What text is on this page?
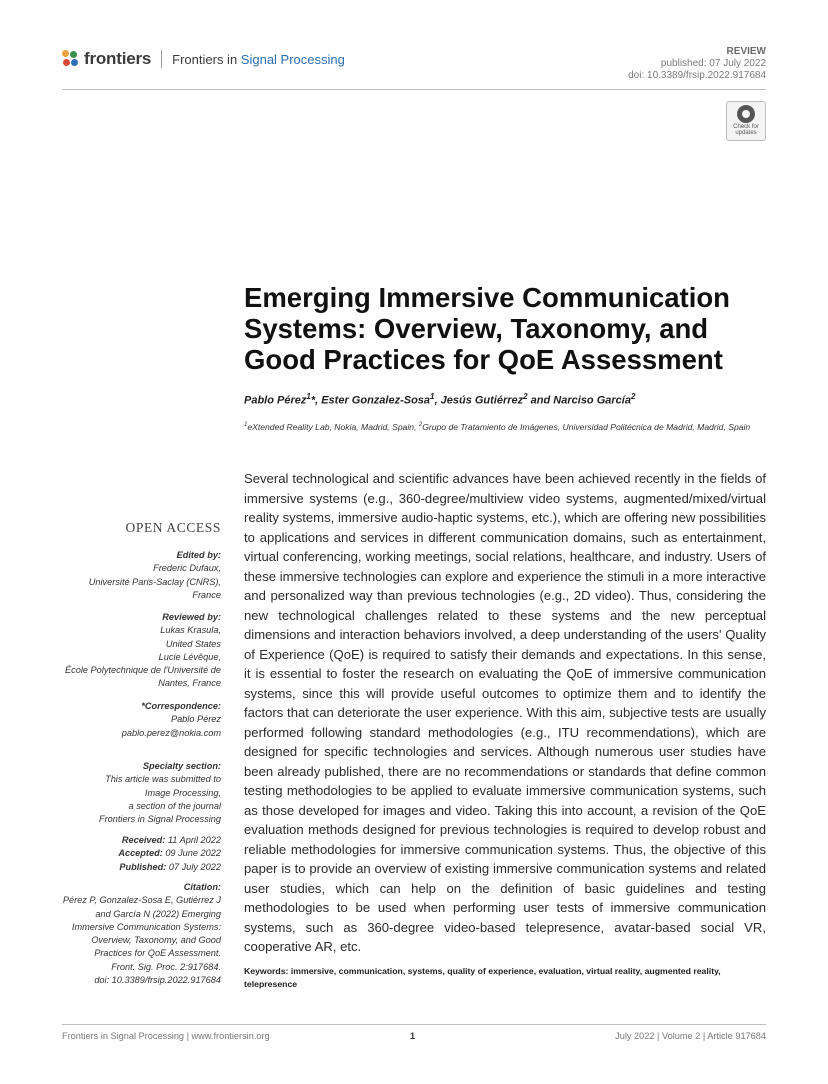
frontiers Frontiers in Signal Processing	REVIEW
published: 07 July 2022
doi: 10.3389/frsip.2022.917684
Check for
updates
Emerging Immersive Communication
Systems: Overview, Taxonomy, and
Good Practices for QoE Assessment
Pablo Pérez$^1$*, Ester Gonzalez-Sosa$^1$, Jesús Gutiérrez$^2$ and Narciso García$^2$
$^1$eXtended Reality Lab, Nokia, Madrid, Spain, $^2$Grupo de Tratamiento de Imágenes, Universidad Politécnica de Madrid, Madrid, Spain
Several technological and scientific advances have been achieved recently in the fields of immersive systems (e.g., 360-degree/multiview video systems, augmented/mixed/virtual reality systems, immersive audio-haptic systems, etc.), which are offering new possibilities to applications and services in different communication domains, such as entertainment, virtual conferencing, working meetings, social relations, healthcare, and industry. Users of these immersive technologies can explore and experience the stimuli in a more interactive and personalized way than previous technologies (e.g., 2D video). Thus, considering the new technological challenges related to these systems and the new perceptual dimensions and interaction behaviors involved, a deep understanding of the users' Quality of Experience (QoE) is required to satisfy their demands and expectations. In this sense, it is essential to foster the research on evaluating the QoE of immersive communication systems, since this will provide useful outcomes to optimize them and to identify the factors that can deteriorate the user experience. With this aim, subjective tests are usually performed following standard methodologies (e.g., ITU recommendations), which are designed for specific technologies and services. Although numerous user studies have been already published, there are no recommendations or standards that define common testing methodologies to be applied to evaluate immersive communication systems, such as those developed for images and video. Taking this into account, a revision of the QoE evaluation methods designed for previous technologies is required to develop robust and reliable methodologies for immersive communication systems. Thus, the objective of this paper is to provide an overview of existing immersive communication systems and related user studies, which can help on the definition of basic guidelines and testing methodologies to be used when performing user tests of immersive communication systems, such as 360-degree video-based telepresence, avatar-based social VR, cooperative AR, etc.
Keywords: immersive, communication, systems, quality of experience, evaluation, virtual reality, augmented reality, telepresence
OPEN ACCESS
Edited by:
Frederic Dufaux,
Université Paris-Saclay (CNRS),
France
Reviewed by:
Lukas Krasula,
United States
Lucie Lévêque,
École Polytechnique de l'Université de
Nantes, France
*Correspondence:
Pablo Pérez
pablo.perez@nokia.com
Specialty section:
This article was submitted to
Image Processing,
a section of the journal
Frontiers in Signal Processing
Received: 11 April 2022
Accepted: 09 June 2022
Published: 07 July 2022
Citation:
Pérez P, Gonzalez-Sosa E, Gutiérrez J
and García N (2022) Emerging
Immersive Communication Systems:
Overview, Taxonomy, and Good
Practices for QoE Assessment.
Front. Sig. Proc. 2:917684.
doi: 10.3389/frsip.2022.917684
Frontiers in Signal Processing | www.frontiersin.org	1	July 2022 | Volume 2 | Article 917684
